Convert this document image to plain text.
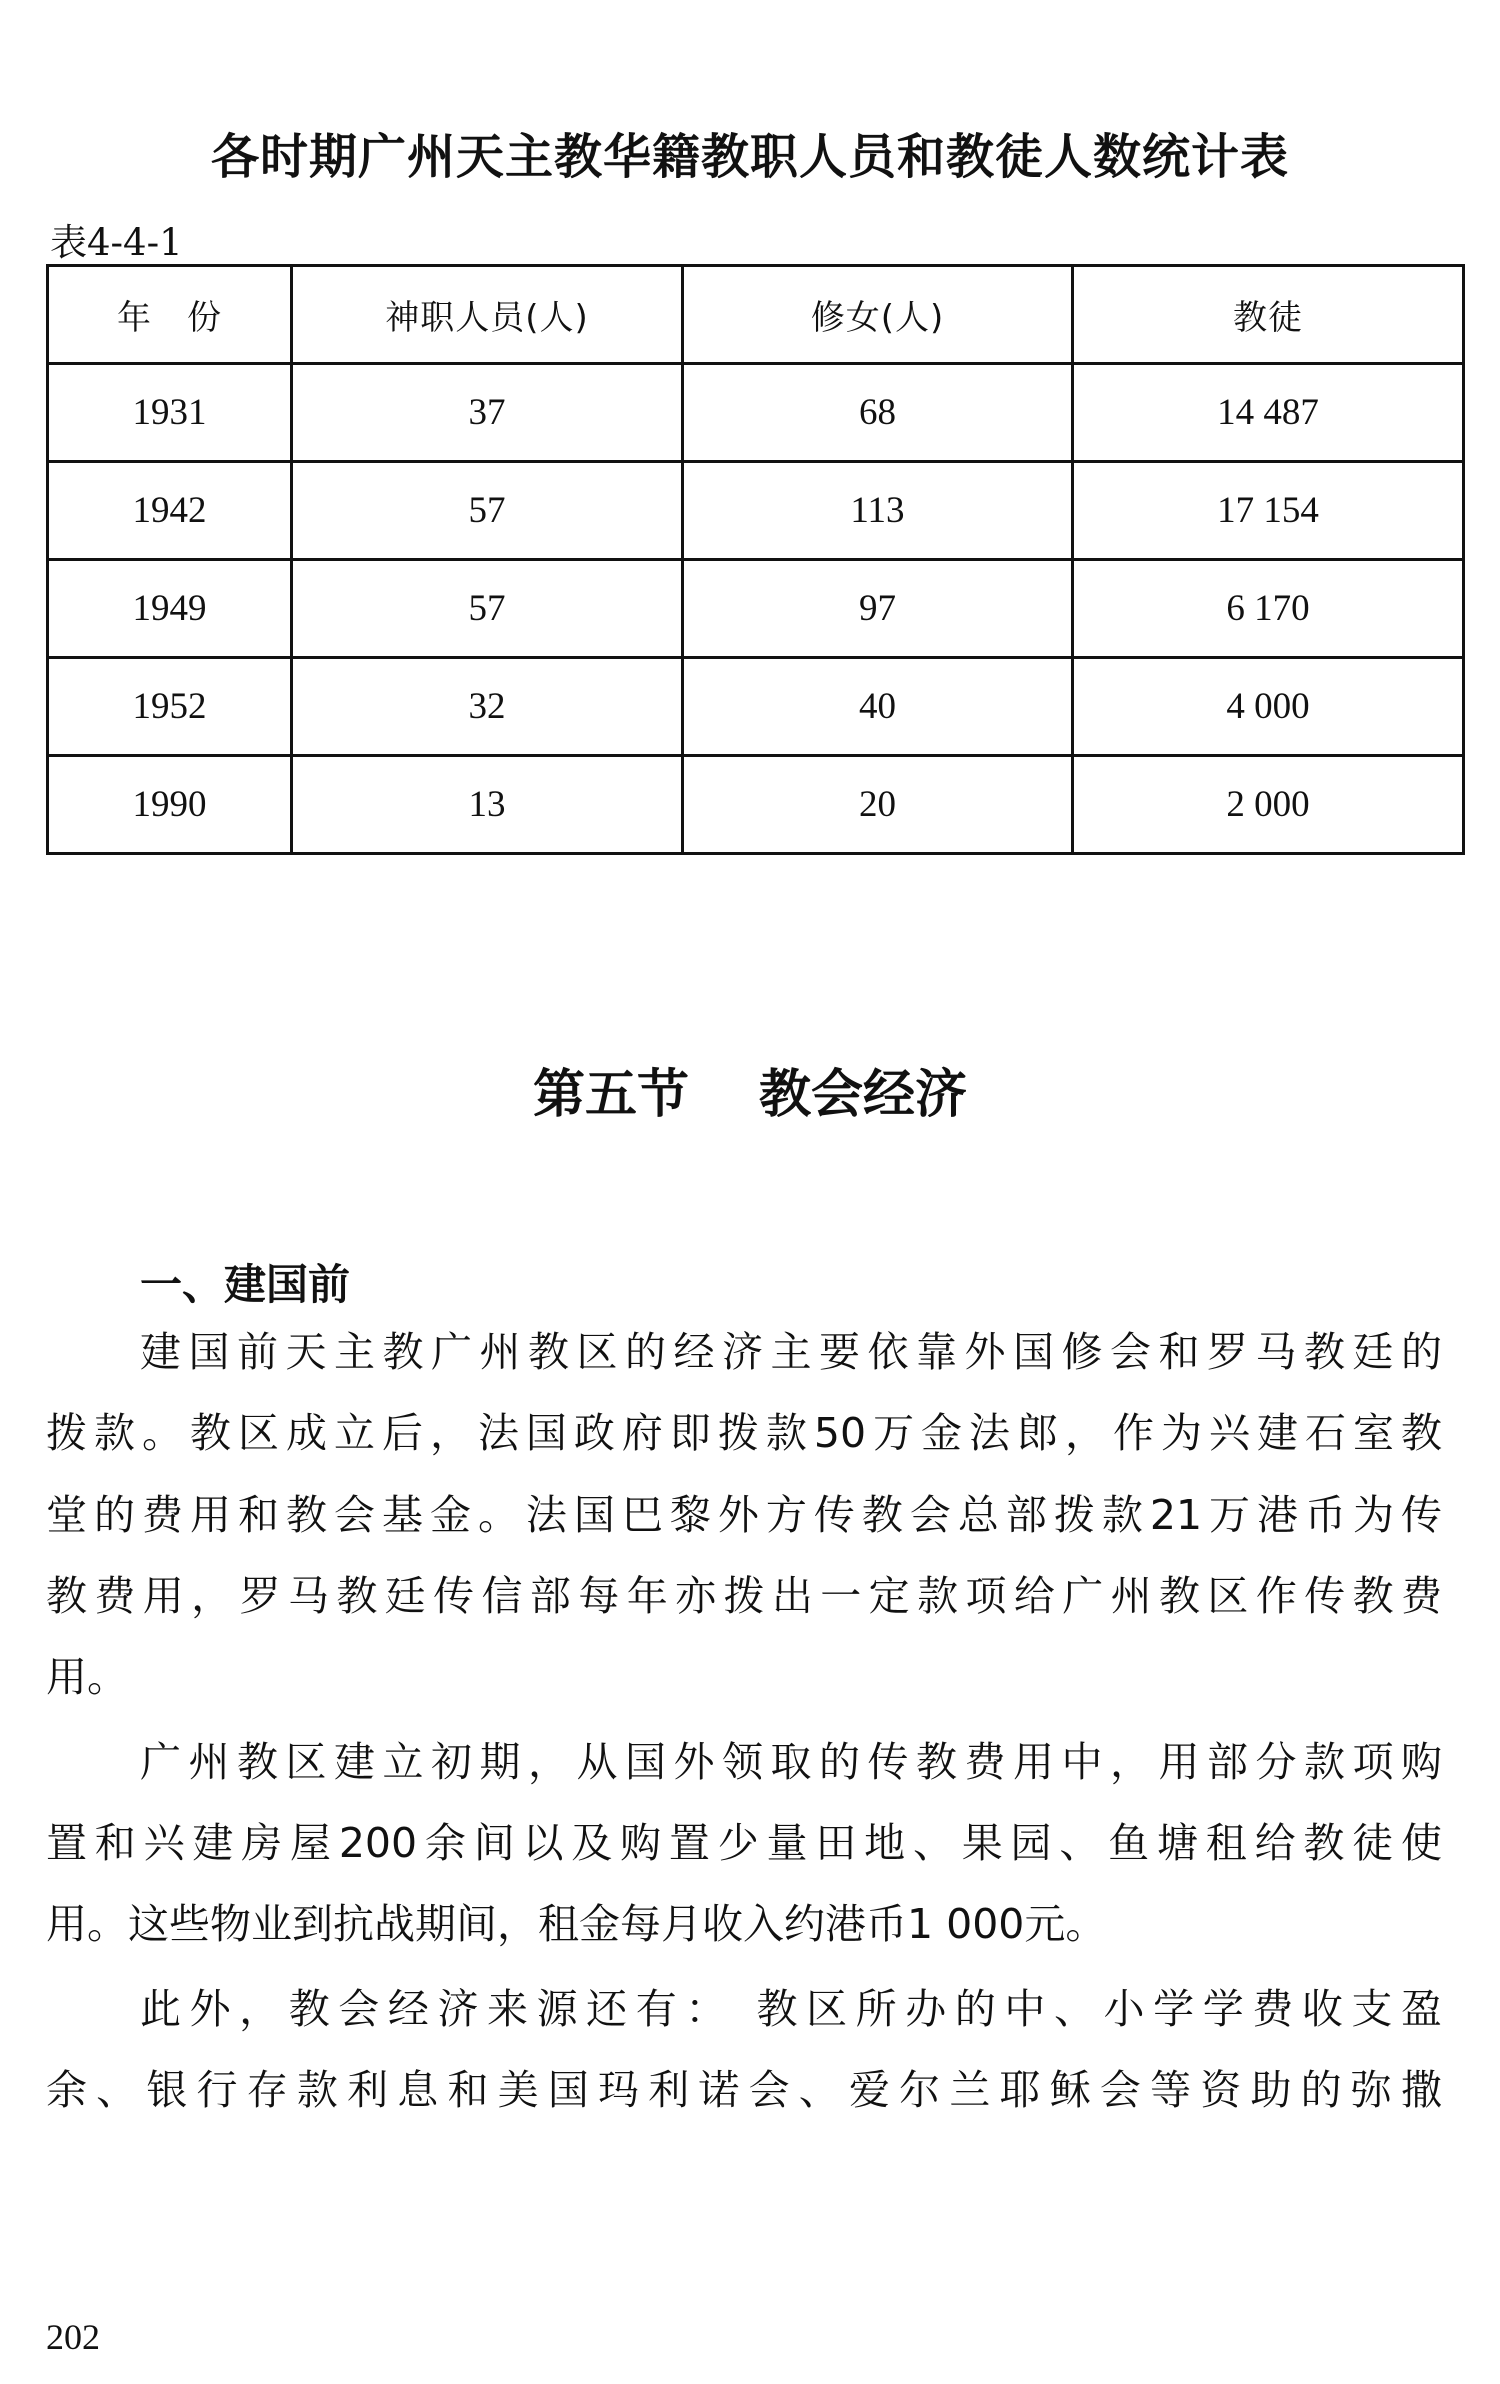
各时期广州天主教华籍教职人员和教徒人数统计表
表4-4-1
年　份	神职人员(人)	修女(人)	教徒
1931	37	68	14 487
1942	57	113	17 154
1949	57	97	6 170
1952	32	40	4 000
1990	13	20	2 000
第五节　 教会经济
一、建国前
建国前天主教广州教区的经济主要依靠外国修会和罗马教廷的
拨款。教区成立后，法国政府即拨款50万金法郎，作为兴建石室教
堂的费用和教会基金。法国巴黎外方传教会总部拨款21万港币为传
教费用，罗马教廷传信部每年亦拨出一定款项给广州教区作传教费
用。
广州教区建立初期，从国外领取的传教费用中，用部分款项购
置和兴建房屋200余间以及购置少量田地、果园、鱼塘租给教徒使
用。这些物业到抗战期间，租金每月收入约港币1 000元。
此外，教会经济来源还有： 教区所办的中、小学学费收支盈
余、银行存款利息和美国玛利诺会、爱尔兰耶稣会等资助的弥撒
202
